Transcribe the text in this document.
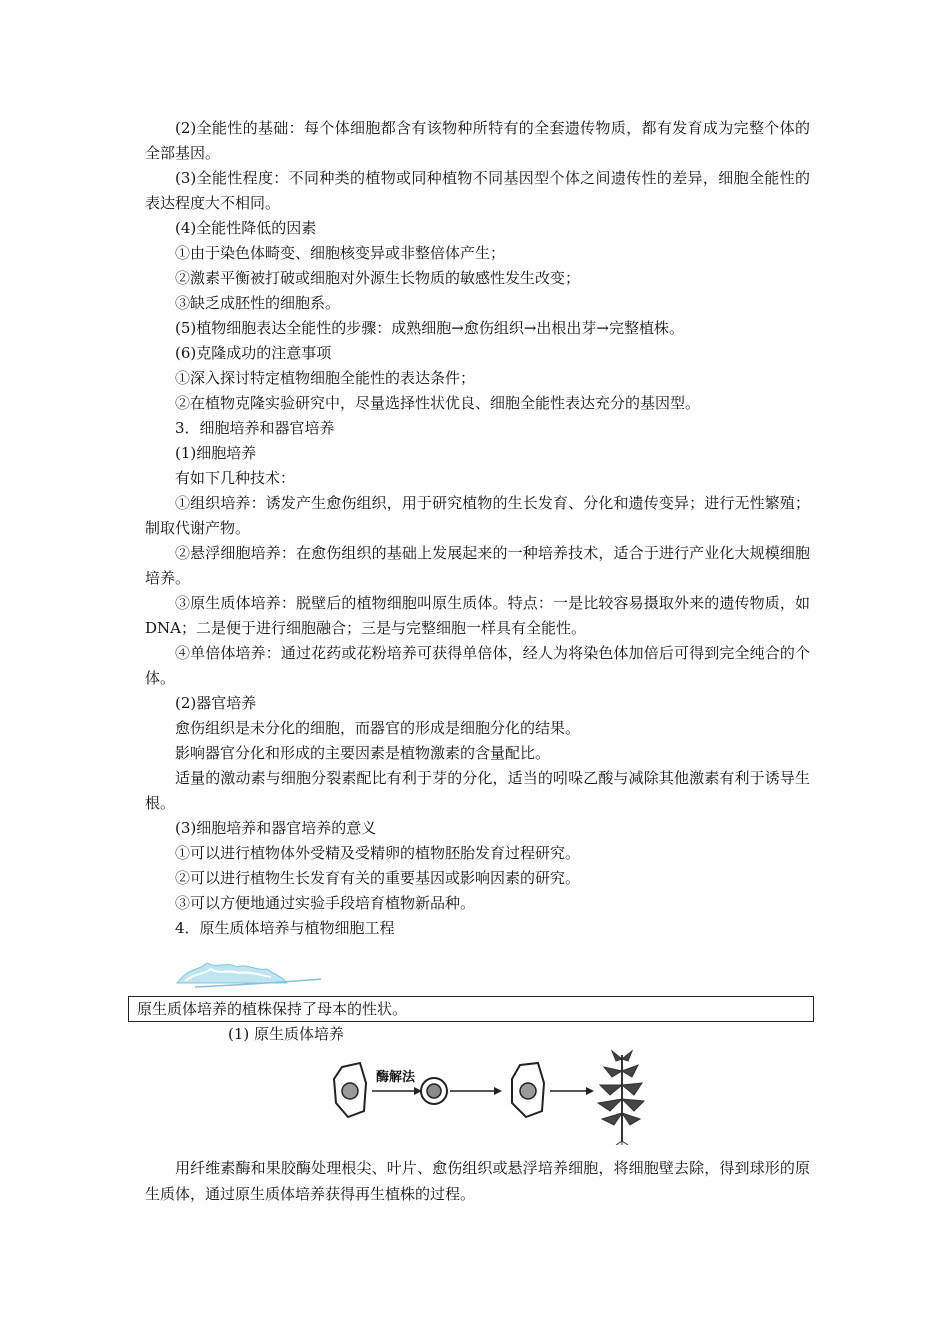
(2)全能性的基础：每个体细胞都含有该物种所特有的全套遗传物质，都有发育成为完整个体的全部基因。

(3)全能性程度：不同种类的植物或同种植物不同基因型个体之间遗传性的差异，细胞全能性的表达程度大不相同。

(4)全能性降低的因素

①由于染色体畸变、细胞核变异或非整倍体产生；

②激素平衡被打破或细胞对外源生长物质的敏感性发生改变；

③缺乏成胚性的细胞系。

(5)植物细胞表达全能性的步骤：成熟细胞→愈伤组织→出根出芽→完整植株。

(6)克隆成功的注意事项

①深入探讨特定植物细胞全能性的表达条件；

②在植物克隆实验研究中，尽量选择性状优良、细胞全能性表达充分的基因型。

3．细胞培养和器官培养

(1)细胞培养

有如下几种技术：

①组织培养：诱发产生愈伤组织，用于研究植物的生长发育、分化和遗传变异；进行无性繁殖；制取代谢产物。

②悬浮细胞培养：在愈伤组织的基础上发展起来的一种培养技术，适合于进行产业化大规模细胞培养。

③原生质体培养：脱壁后的植物细胞叫原生质体。特点：一是比较容易摄取外来的遗传物质，如DNA；二是便于进行细胞融合；三是与完整细胞一样具有全能性。

④单倍体培养：通过花药或花粉培养可获得单倍体，经人为将染色体加倍后可得到完全纯合的个体。

(2)器官培养

愈伤组织是未分化的细胞，而器官的形成是细胞分化的结果。

影响器官分化和形成的主要因素是植物激素的含量配比。

适量的激动素与细胞分裂素配比有利于芽的分化，适当的吲哚乙酸与减除其他激素有利于诱导生根。

(3)细胞培养和器官培养的意义

①可以进行植物体外受精及受精卵的植物胚胎发育过程研究。

②可以进行植物生长发育有关的重要基因或影响因素的研究。

③可以方便地通过实验手段培育植物新品种。

4．原生质体培养与植物细胞工程

原生质体培养的植株保持了母本的性状。
(1) 原生质体培养
酶解法

用纤维素酶和果胶酶处理根尖、叶片、愈伤组织或悬浮培养细胞，将细胞壁去除，得到球形的原生质体，通过原生质体培养获得再生植株的过程。
